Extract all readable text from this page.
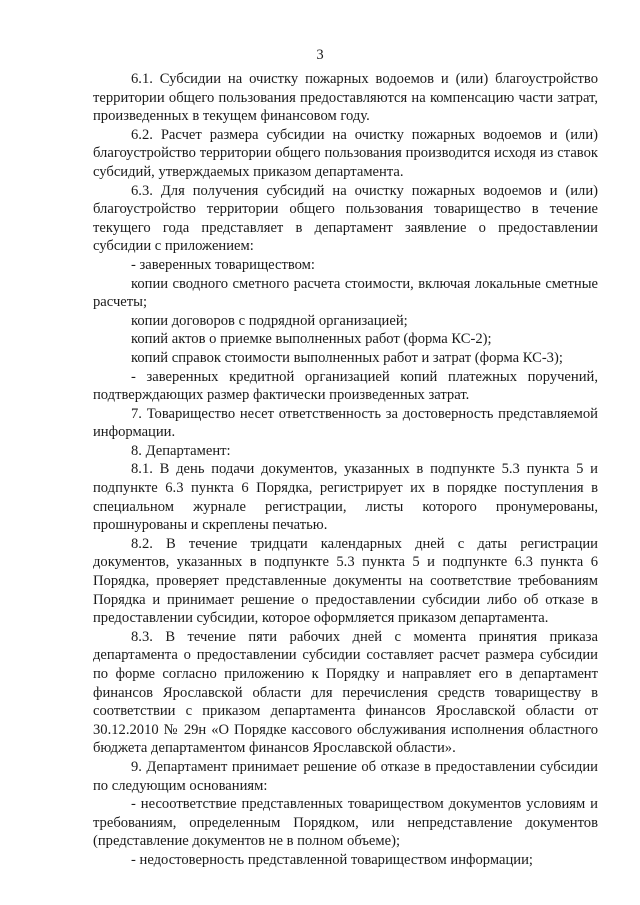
3

6.1. Субсидии на очистку пожарных водоемов и (или) благоустройство территории общего пользования предоставляются на компенсацию части затрат, произведенных в текущем финансовом году.

6.2. Расчет размера субсидии на очистку пожарных водоемов и (или) благоустройство территории общего пользования производится исходя из ставок субсидий, утверждаемых приказом департамента.

6.3. Для получения субсидий на очистку пожарных водоемов и (или) благоустройство территории общего пользования товарищество в течение текущего года представляет в департамент заявление о предоставлении субсидии с приложением:

- заверенных товариществом:

копии сводного сметного расчета стоимости, включая локальные сметные расчеты;

копии договоров с подрядной организацией;

копий актов о приемке выполненных работ (форма КС-2);

копий справок стоимости выполненных работ и затрат (форма КС-3);

- заверенных кредитной организацией копий платежных поручений, подтверждающих размер фактически произведенных затрат.

7. Товарищество несет ответственность за достоверность представляемой информации.

8. Департамент:

8.1. В день подачи документов, указанных в подпункте 5.3 пункта 5 и подпункте 6.3 пункта 6 Порядка, регистрирует их в порядке поступления в специальном журнале регистрации, листы которого пронумерованы, прошнурованы и скреплены печатью.

8.2. В течение тридцати календарных дней с даты регистрации документов, указанных в подпункте 5.3 пункта 5 и подпункте 6.3 пункта 6 Порядка, проверяет представленные документы на соответствие требованиям Порядка и принимает решение о предоставлении субсидии либо об отказе в предоставлении субсидии, которое оформляется приказом департамента.

8.3. В течение пяти рабочих дней с момента принятия приказа департамента о предоставлении субсидии составляет расчет размера субсидии по форме согласно приложению к Порядку и направляет его в департамент финансов Ярославской области для перечисления средств товариществу в соответствии с приказом департамента финансов Ярославской области от 30.12.2010 № 29н «О Порядке кассового обслуживания исполнения областного бюджета департаментом финансов Ярославской области».

9. Департамент принимает решение об отказе в предоставлении субсидии по следующим основаниям:

- несоответствие представленных товариществом документов условиям и требованиям, определенным Порядком, или непредставление документов (представление документов не в полном объеме);

- недостоверность представленной товариществом информации;
